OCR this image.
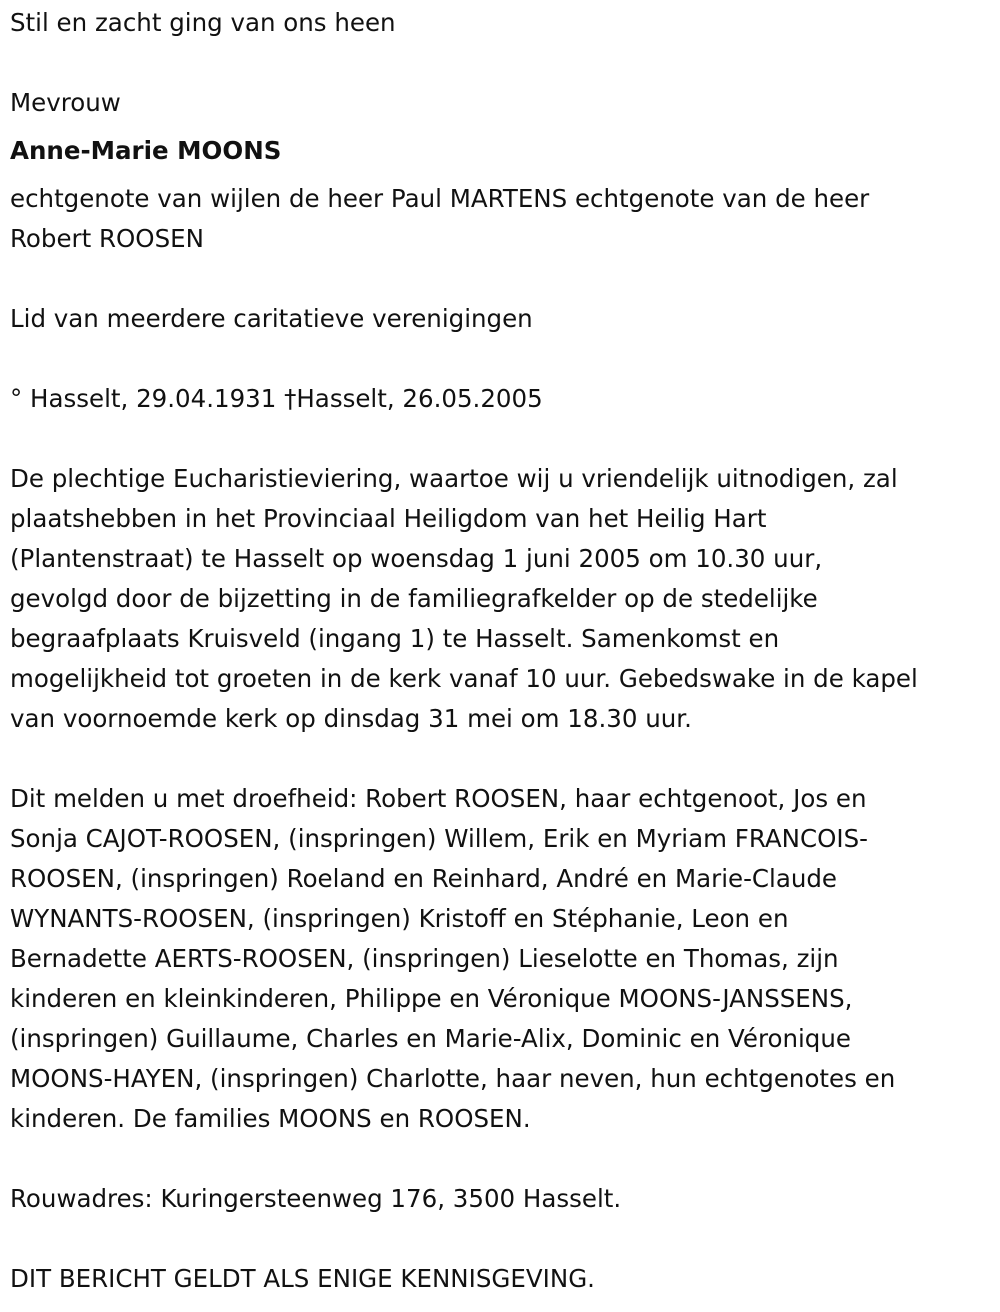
Stil en zacht ging van ons heen

Mevrouw

Anne-Marie MOONS

echtgenote van wijlen de heer Paul MARTENS echtgenote van de heer

Robert ROOSEN

Lid van meerdere caritatieve verenigingen

° Hasselt, 29.04.1931 †Hasselt, 26.05.2005

De plechtige Eucharistieviering, waartoe wij u vriendelijk uitnodigen, zal

plaatshebben in het Provinciaal Heiligdom van het Heilig Hart

(Plantenstraat) te Hasselt op woensdag 1 juni 2005 om 10.30 uur,

gevolgd door de bijzetting in de familiegrafkelder op de stedelijke

begraafplaats Kruisveld (ingang 1) te Hasselt. Samenkomst en

mogelijkheid tot groeten in de kerk vanaf 10 uur. Gebedswake in de kapel

van voornoemde kerk op dinsdag 31 mei om 18.30 uur.

Dit melden u met droefheid: Robert ROOSEN, haar echtgenoot, Jos en

Sonja CAJOT-ROOSEN, (inspringen) Willem, Erik en Myriam FRANCOIS-

ROOSEN, (inspringen) Roeland en Reinhard, André en Marie-Claude

WYNANTS-ROOSEN, (inspringen) Kristoff en Stéphanie, Leon en

Bernadette AERTS-ROOSEN, (inspringen) Lieselotte en Thomas, zijn

kinderen en kleinkinderen, Philippe en Véronique MOONS-JANSSENS,

(inspringen) Guillaume, Charles en Marie-Alix, Dominic en Véronique

MOONS-HAYEN, (inspringen) Charlotte, haar neven, hun echtgenotes en

kinderen. De families MOONS en ROOSEN.

Rouwadres: Kuringersteenweg 176, 3500 Hasselt.

DIT BERICHT GELDT ALS ENIGE KENNISGEVING.
